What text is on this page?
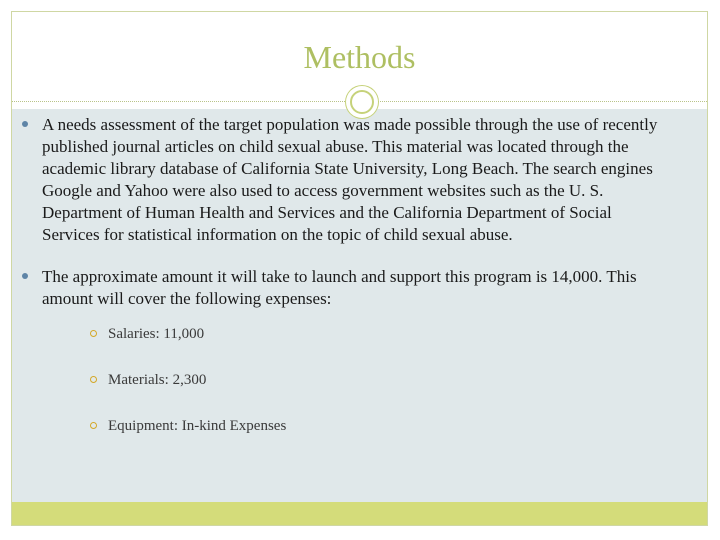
Methods
A needs assessment of the target population was made possible through the use of recently published journal articles on child sexual abuse. This material was located through the academic library database of California State University, Long Beach. The search engines Google and Yahoo were also used to access government websites such as the U. S. Department of Human Health and Services and the California Department of Social Services for statistical information on the topic of child sexual abuse.
The approximate amount it will take to launch and support this program is 14,000. This amount will cover the following expenses:
Salaries: 11,000
Materials: 2,300
Equipment: In-kind Expenses
